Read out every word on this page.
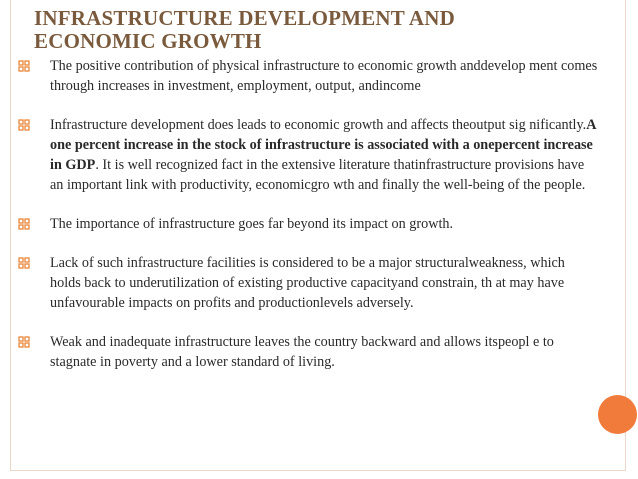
INFRASTRUCTURE DEVELOPMENT AND
ECONOMIC GROWTH
The positive contribution of physical infrastructure to economic growth anddevelop ment comes through increases in investment, employment, output, andincome
Infrastructure development does leads to economic growth and affects theoutput sig nificantly.A one percent increase in the stock of infrastructure is associated with a onepercent increase in GDP. It is well recognized fact in the extensive literature thatinfrastructure provisions have an important link with productivity, economicgro wth and finally the well-being of the people.
The importance of infrastructure goes far beyond its impact on growth.
Lack of such infrastructure facilities is considered to be a major structuralweakness, which holds back to underutilization of existing productive capacityand constrain, th at may have unfavourable impacts on profits and productionlevels adversely.
Weak and inadequate infrastructure leaves the country backward and allows itspeopl e to stagnate in poverty and a lower standard of living.
